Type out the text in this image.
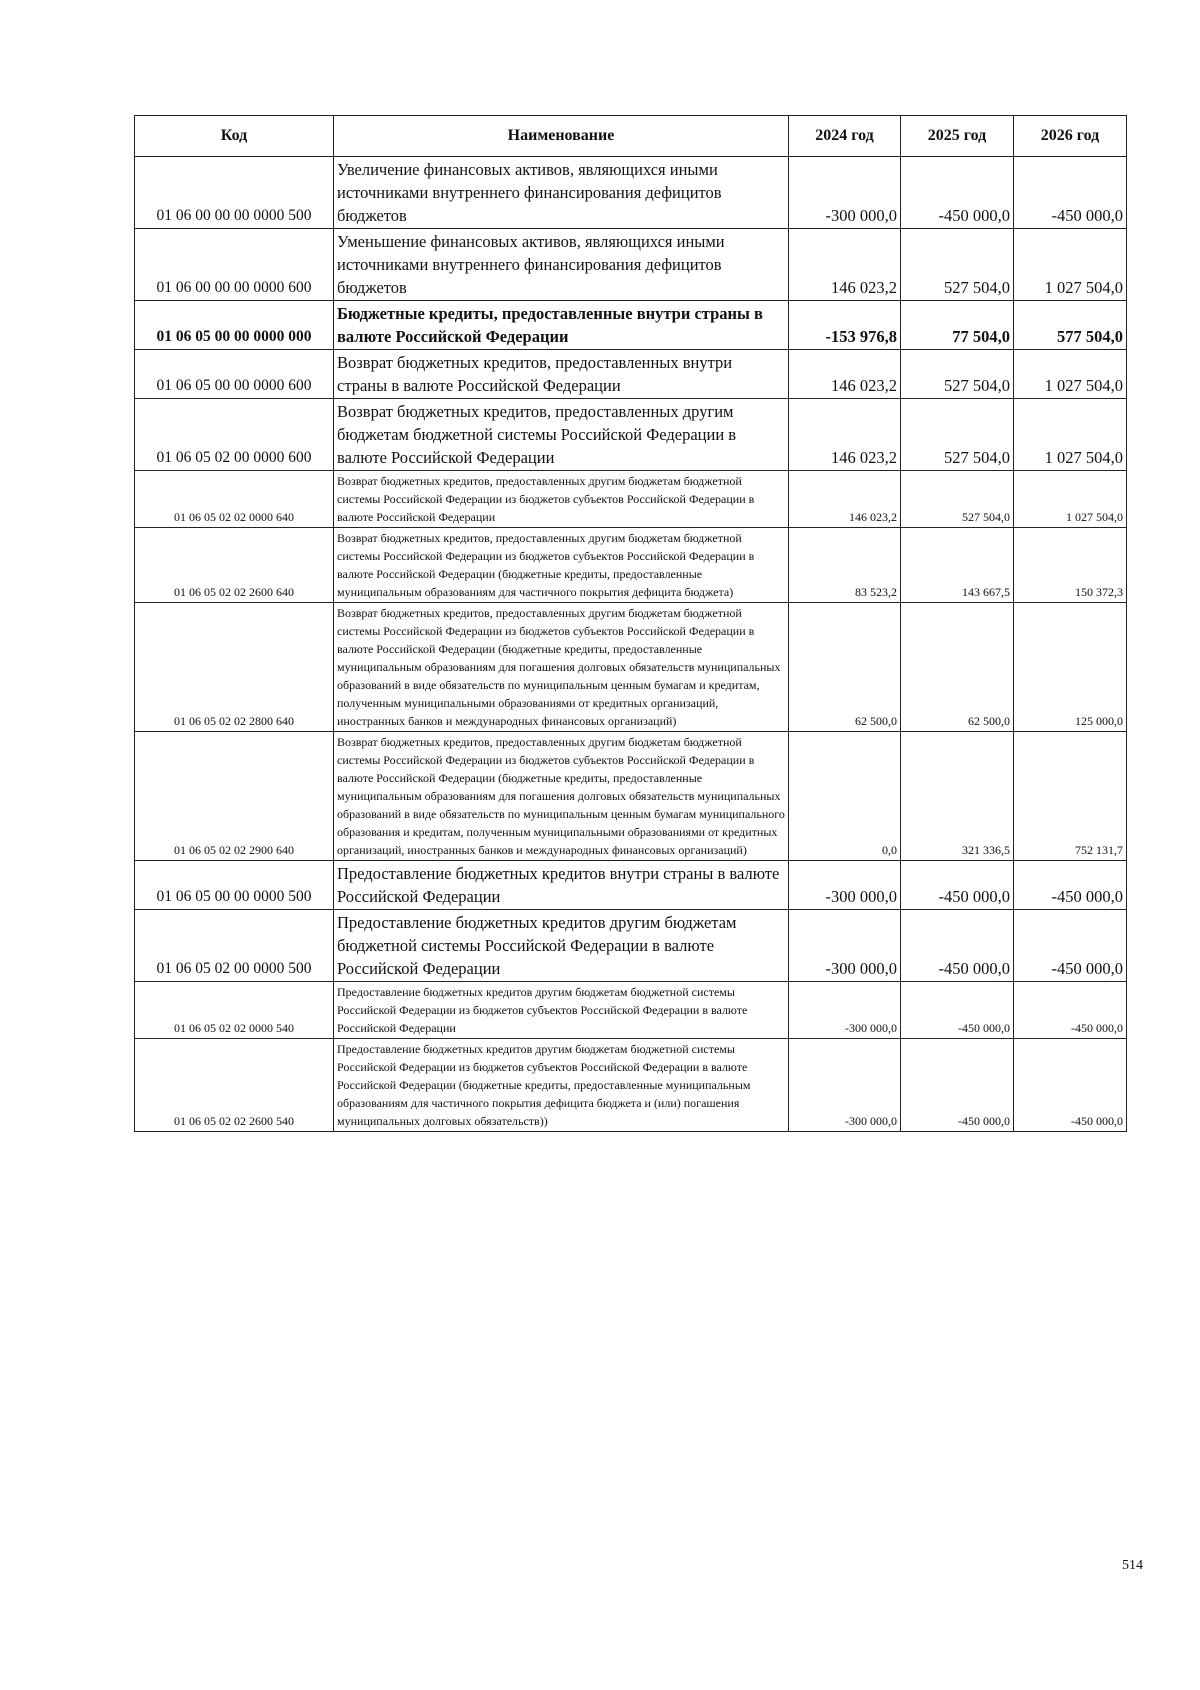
Код	Наименование	2024 год	2025 год	2026 год
01 06 00 00 00 0000 500	Увеличение финансовых активов, являющихся иными источниками внутреннего финансирования дефицитов бюджетов	-300 000,0	-450 000,0	-450 000,0
01 06 00 00 00 0000 600	Уменьшение финансовых активов, являющихся иными источниками внутреннего финансирования дефицитов бюджетов	146 023,2	527 504,0	1 027 504,0
01 06 05 00 00 0000 000	Бюджетные кредиты, предоставленные внутри страны в валюте Российской Федерации	-153 976,8	77 504,0	577 504,0
01 06 05 00 00 0000 600	Возврат бюджетных кредитов, предоставленных внутри страны в валюте Российской Федерации	146 023,2	527 504,0	1 027 504,0
01 06 05 02 00 0000 600	Возврат бюджетных кредитов, предоставленных другим бюджетам бюджетной системы Российской Федерации в валюте Российской Федерации	146 023,2	527 504,0	1 027 504,0
01 06 05 02 02 0000 640	Возврат бюджетных кредитов, предоставленных другим бюджетам бюджетной системы Российской Федерации из бюджетов субъектов Российской Федерации в валюте Российской Федерации	146 023,2	527 504,0	1 027 504,0
01 06 05 02 02 2600 640	Возврат бюджетных кредитов, предоставленных другим бюджетам бюджетной системы Российской Федерации из бюджетов субъектов Российской Федерации в валюте Российской Федерации (бюджетные кредиты, предоставленные муниципальным образованиям для частичного покрытия дефицита бюджета)	83 523,2	143 667,5	150 372,3
01 06 05 02 02 2800 640	Возврат бюджетных кредитов, предоставленных другим бюджетам бюджетной системы Российской Федерации из бюджетов субъектов Российской Федерации в валюте Российской Федерации (бюджетные кредиты, предоставленные муниципальным образованиям для погашения долговых обязательств муниципальных образований в виде обязательств по муниципальным ценным бумагам и кредитам, полученным муниципальными образованиями от кредитных организаций, иностранных банков и международных финансовых организаций)	62 500,0	62 500,0	125 000,0
01 06 05 02 02 2900 640	Возврат бюджетных кредитов, предоставленных другим бюджетам бюджетной системы Российской Федерации из бюджетов субъектов Российской Федерации в валюте Российской Федерации (бюджетные кредиты, предоставленные муниципальным образованиям для погашения долговых обязательств муниципальных образований в виде обязательств по муниципальным ценным бумагам муниципального образования и кредитам, полученным муниципальными образованиями от кредитных организаций, иностранных банков и международных финансовых организаций)	0,0	321 336,5	752 131,7
01 06 05 00 00 0000 500	Предоставление бюджетных кредитов внутри страны в валюте Российской Федерации	-300 000,0	-450 000,0	-450 000,0
01 06 05 02 00 0000 500	Предоставление бюджетных кредитов другим бюджетам бюджетной системы Российской Федерации в валюте Российской Федерации	-300 000,0	-450 000,0	-450 000,0
01 06 05 02 02 0000 540	Предоставление бюджетных кредитов другим бюджетам бюджетной системы Российской Федерации из бюджетов субъектов Российской Федерации в валюте Российской Федерации	-300 000,0	-450 000,0	-450 000,0
01 06 05 02 02 2600 540	Предоставление бюджетных кредитов другим бюджетам бюджетной системы Российской Федерации из бюджетов субъектов Российской Федерации в валюте Российской Федерации (бюджетные кредиты, предоставленные муниципальным образованиям для частичного покрытия дефицита бюджета и (или) погашения муниципальных долговых обязательств))	-300 000,0	-450 000,0	-450 000,0
514
